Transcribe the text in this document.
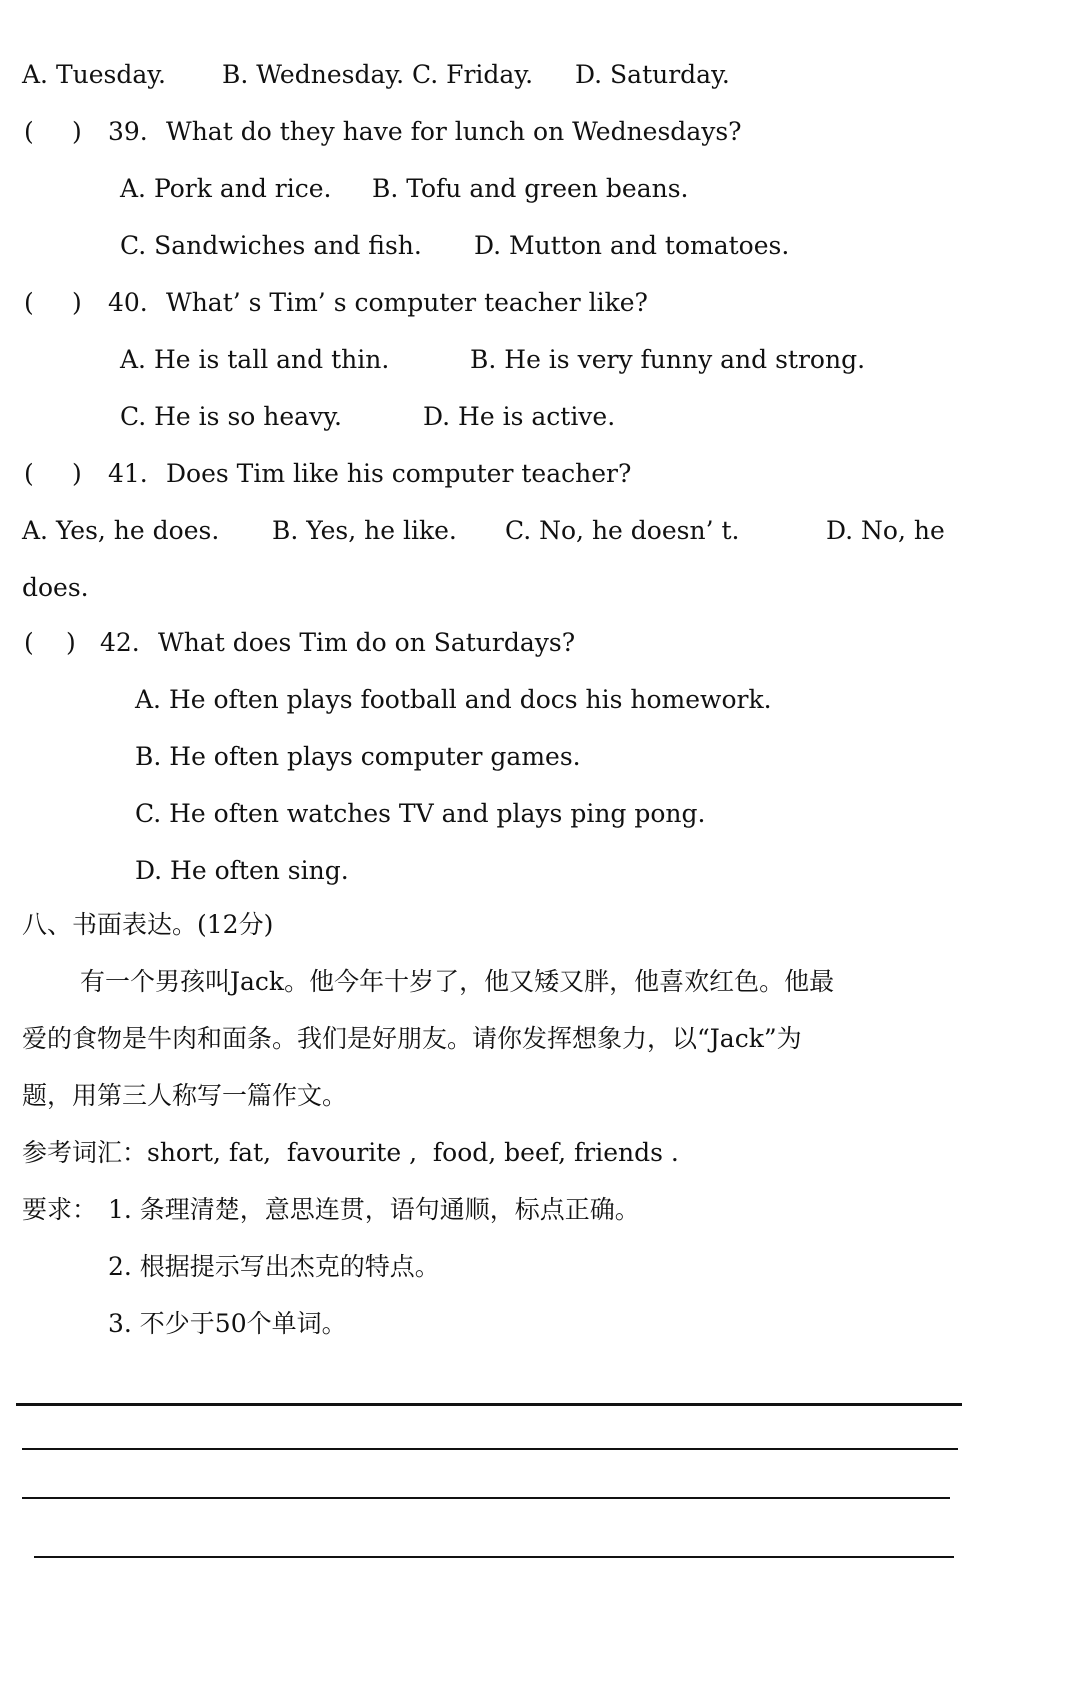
A. Tuesday. B. Wednesday. C. Friday. D. Saturday.
( ) 39. What do they have for lunch on Wednesdays?
A. Pork and rice. B. Tofu and green beans.
C. Sandwiches and fish. D. Mutton and tomatoes.
( ) 40. What’ s Tim’ s computer teacher like?
A. He is tall and thin.	B. He is very funny and strong.
C. He is so heavy.	D. He is active.
( ) 41. Does Tim like his computer teacher?
A. Yes, he does. B. Yes, he like. C. No, he doesn’ t.	D. No, he
does.
( ) 42. What does Tim do on Saturdays?
A. He often plays football and docs his homework.
B. He often plays computer games.
C. He often watches TV and plays ping pong.
D. He often sing.
八、书面表达。(12分)
有一个男孩叫Jack。他今年十岁了，他又矮又胖，他喜欢红色。他最
爱的食物是牛肉和面条。我们是好朋友。请你发挥想象力，以“Jack”为
题，用第三人称写一篇作文。
参考词汇：short, fat,  favourite ,  food, beef, friends .
要求： 1. 条理清楚，意思连贯，语句通顺，标点正确。
2. 根据提示写出杰克的特点。
3. 不少于50个单词。
